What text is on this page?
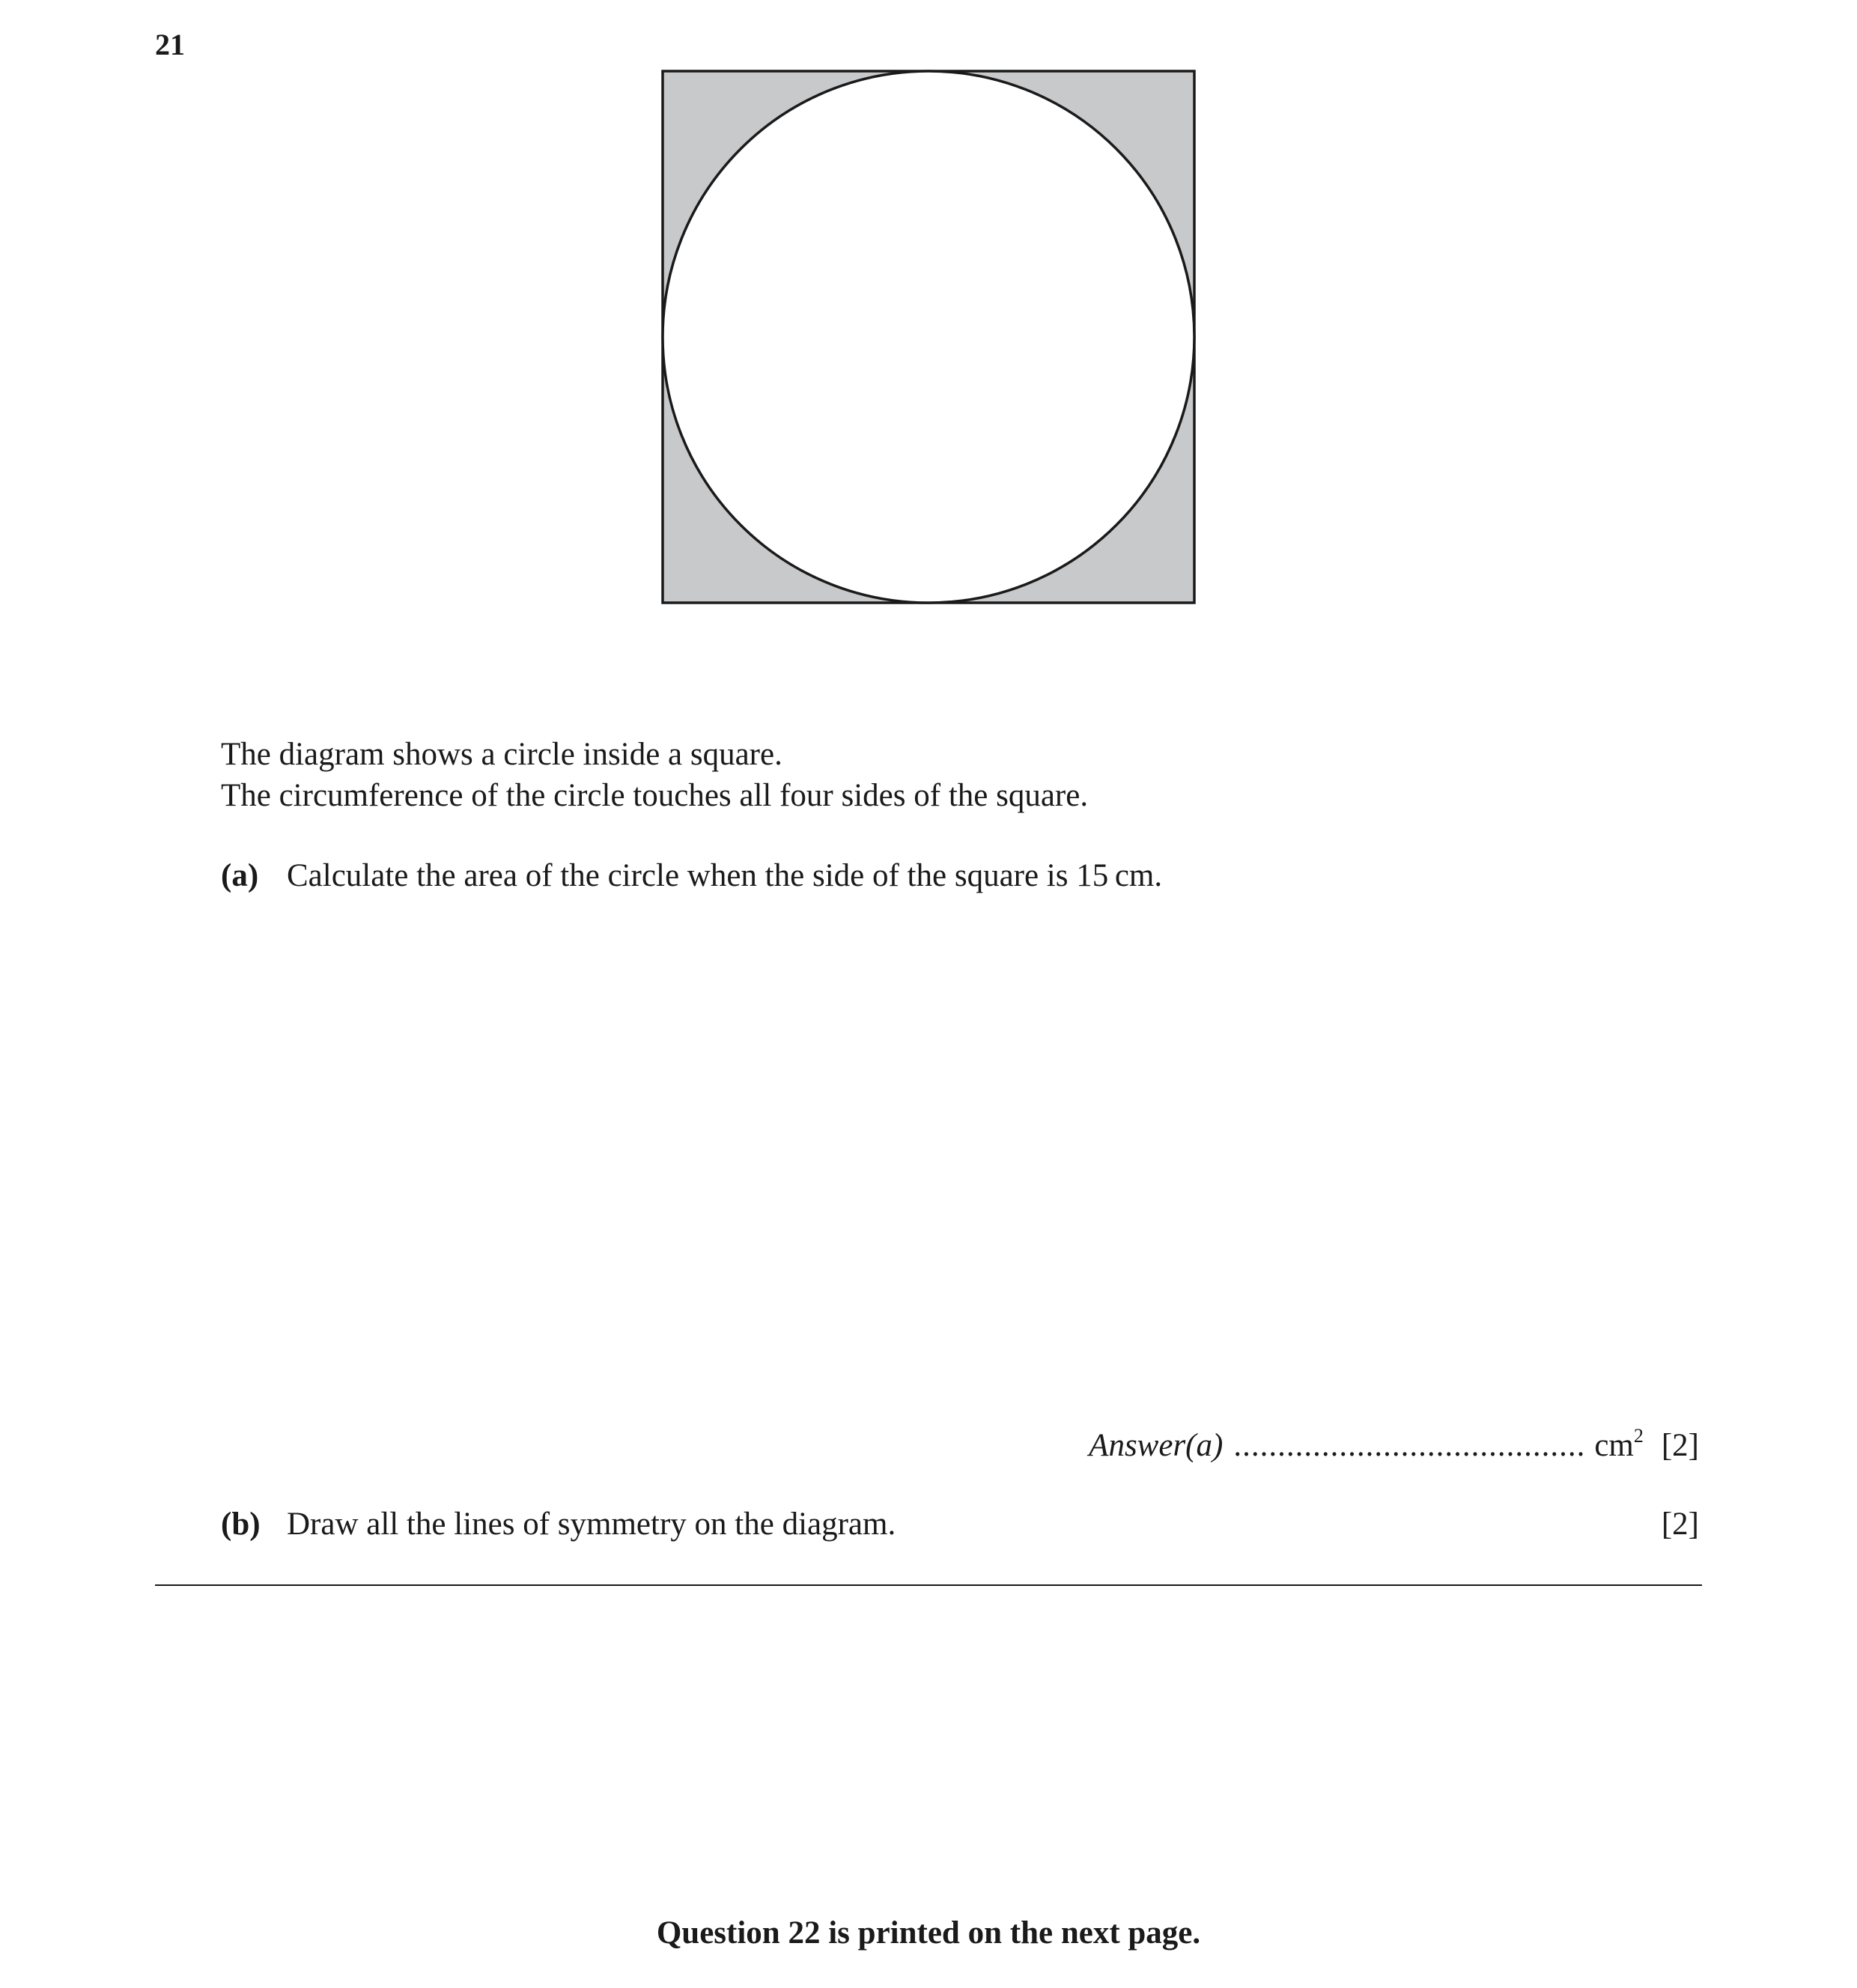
21

The diagram shows a circle inside a square.

The circumference of the circle touches all four sides of the square.

(a) Calculate the area of the circle when the side of the square is 15 cm.
Answer(a) ........................................ $cm^2$ [2]
(b) Draw all the lines of symmetry on the diagram.	[2]
Question 22 is printed on the next page.
